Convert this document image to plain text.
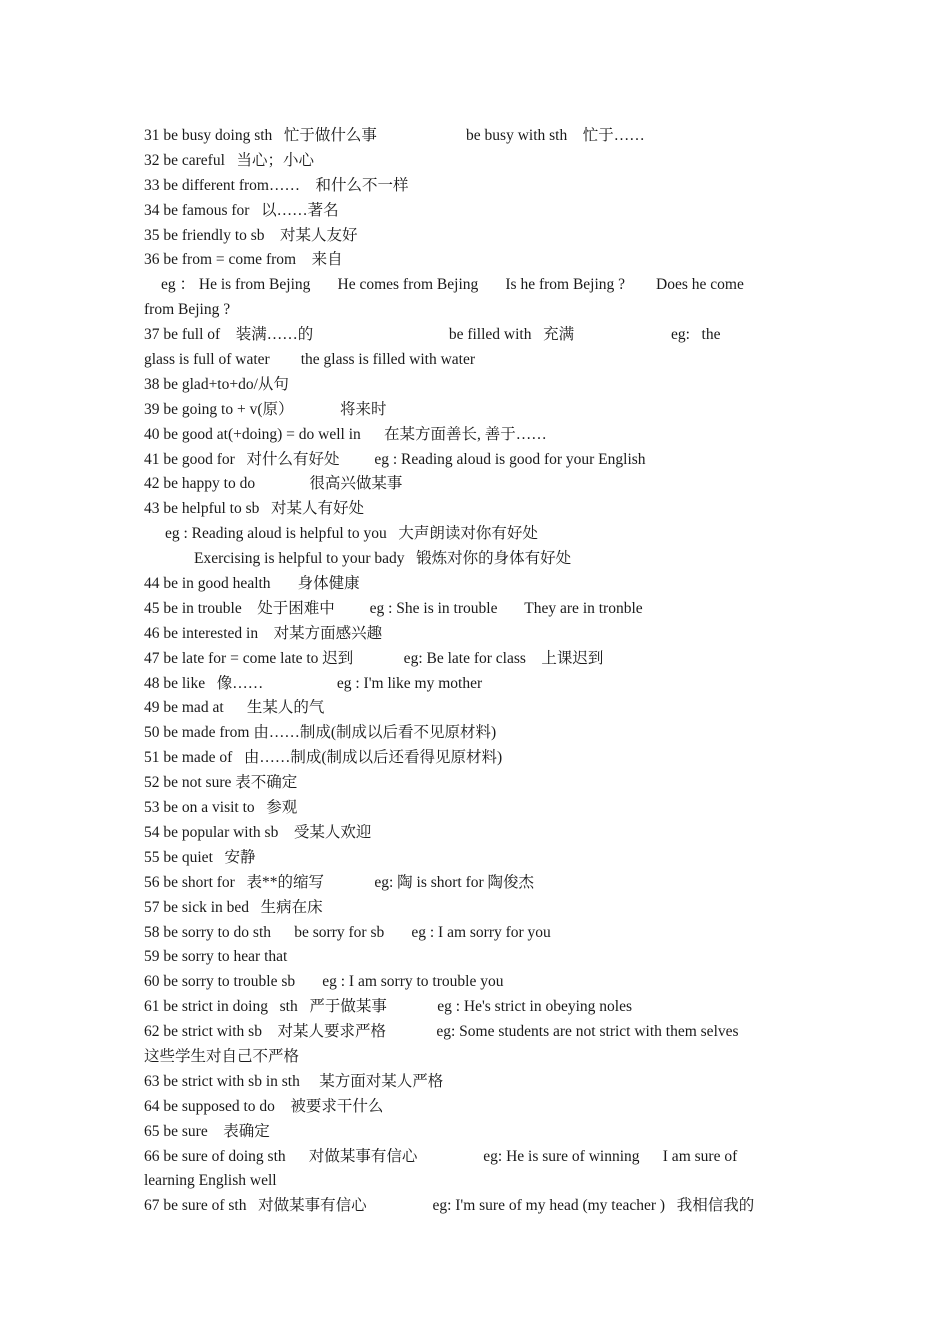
31 be busy doing sth   忙于做什么事                       be busy with sth    忙于……
32 be careful   当心；小心
33 be different from……    和什么不一样
34 be famous for   以……著名
35 be friendly to sb    对某人友好
36 be from = come from    来自
eg ： He is from Bejing       He comes from Bejing       Is he from Bejing ?        Does he come
from Bejing ?
37 be full of    装满……的                                   be filled with   充满                         eg:   the
glass is full of water        the glass is filled with water
38 be glad+to+do/从句
39 be going to + v(原）            将来时
40 be good at(+doing) = do well in      在某方面善长, 善于……
41 be good for   对什么有好处         eg : Reading aloud is good for your English
42 be happy to do              很高兴做某事
43 be helpful to sb   对某人有好处
eg : Reading aloud is helpful to you   大声朗读对你有好处
Exercising is helpful to your bady   锻炼对你的身体有好处
44 be in good health       身体健康
45 be in trouble    处于困难中         eg : She is in trouble       They are in tronble
46 be interested in    对某方面感兴趣
47 be late for = come late to 迟到             eg: Be late for class    上课迟到
48 be like   像……                   eg : I'm like my mother
49 be mad at      生某人的气
50 be made from 由……制成(制成以后看不见原材料)
51 be made of   由……制成(制成以后还看得见原材料)
52 be not sure 表不确定
53 be on a visit to   参观
54 be popular with sb    受某人欢迎
55 be quiet   安静
56 be short for   表**的缩写             eg: 陶 is short for 陶俊杰
57 be sick in bed   生病在床
58 be sorry to do sth      be sorry for sb       eg : I am sorry for you
59 be sorry to hear that
60 be sorry to trouble sb       eg : I am sorry to trouble you
61 be strict in doing   sth   严于做某事             eg : He's strict in obeying noles
62 be strict with sb    对某人要求严格             eg: Some students are not strict with them selves
这些学生对自己不严格
63 be strict with sb in sth     某方面对某人严格
64 be supposed to do    被要求干什么
65 be sure    表确定
66 be sure of doing sth      对做某事有信心                 eg: He is sure of winning      I am sure of
learning English well
67 be sure of sth   对做某事有信心                 eg: I'm sure of my head (my teacher )   我相信我的
